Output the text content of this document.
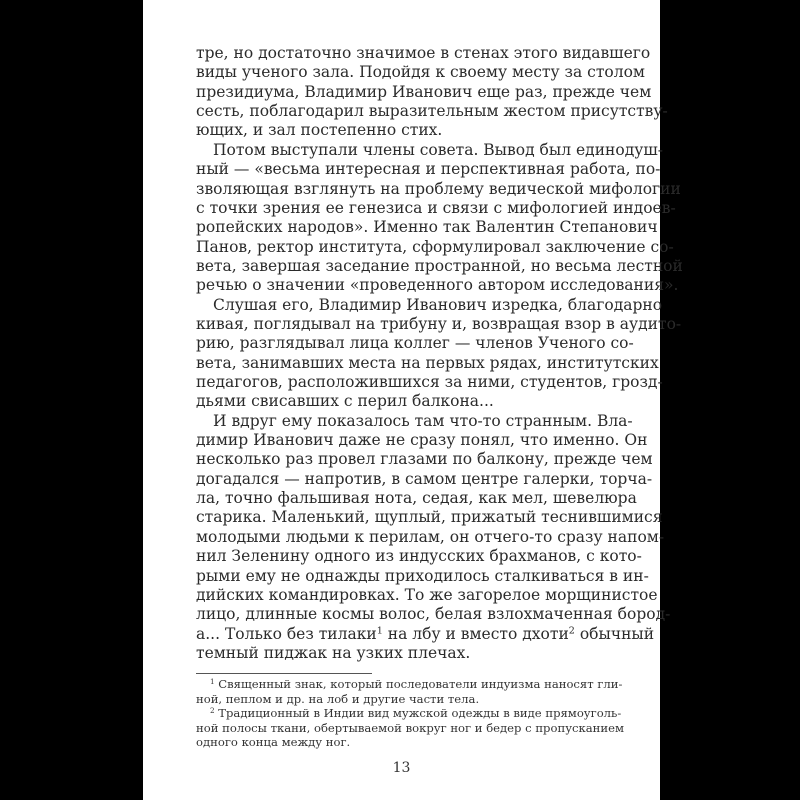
тре, но достаточно значимое в стенах этого видавшего
виды ученого зала. Подойдя к своему месту за столом
президиума, Владимир Иванович еще раз, прежде чем
сесть, поблагодарил выразительным жестом присутству-
ющих, и зал постепенно стих.
Потом выступали члены совета. Вывод был единодуш-
ный — «весьма интересная и перспективная работа, по-
зволяющая взглянуть на проблему ведической мифологии
с точки зрения ее генезиса и связи с мифологией индоев-
ропейских народов». Именно так Валентин Степанович
Панов, ректор института, сформулировал заключение со-
вета, завершая заседание пространной, но весьма лестной
речью о значении «проведенного автором исследования».
Слушая его, Владимир Иванович изредка, благодарно
кивая, поглядывал на трибуну и, возвращая взор в аудито-
рию, разглядывал лица коллег — членов Ученого со-
вета, занимавших места на первых рядах, институтских
педагогов, расположившихся за ними, студентов, грозд-
дьями свисавших с перил балкона...
И вдруг ему показалось там что-то странным. Вла-
димир Иванович даже не сразу понял, что именно. Он
несколько раз провел глазами по балкону, прежде чем
догадался — напротив, в самом центре галерки, торча-
ла, точно фальшивая нота, седая, как мел, шевелюра
старика. Маленький, щуплый, прижатый теснившимися
молодыми людьми к перилам, он отчего-то сразу напом-
нил Зеленину одного из индусских брахманов, с кото-
рыми ему не однажды приходилось сталкиваться в ин-
дийских командировках. То же загорелое морщинистое
лицо, длинные космы волос, белая взлохмаченная бород-
а... Только без тилаки$^1$ на лбу и вместо дхоти$^2$ обычный
темный пиджак на узких плечах.
$^1$ Священный знак, который последователи индуизма наносят гли-
ной, пеплом и др. на лоб и другие части тела.
$^2$ Традиционный в Индии вид мужской одежды в виде прямоуголь-
ной полосы ткани, обертываемой вокруг ног и бедер с пропусканием
одного конца между ног.
13
